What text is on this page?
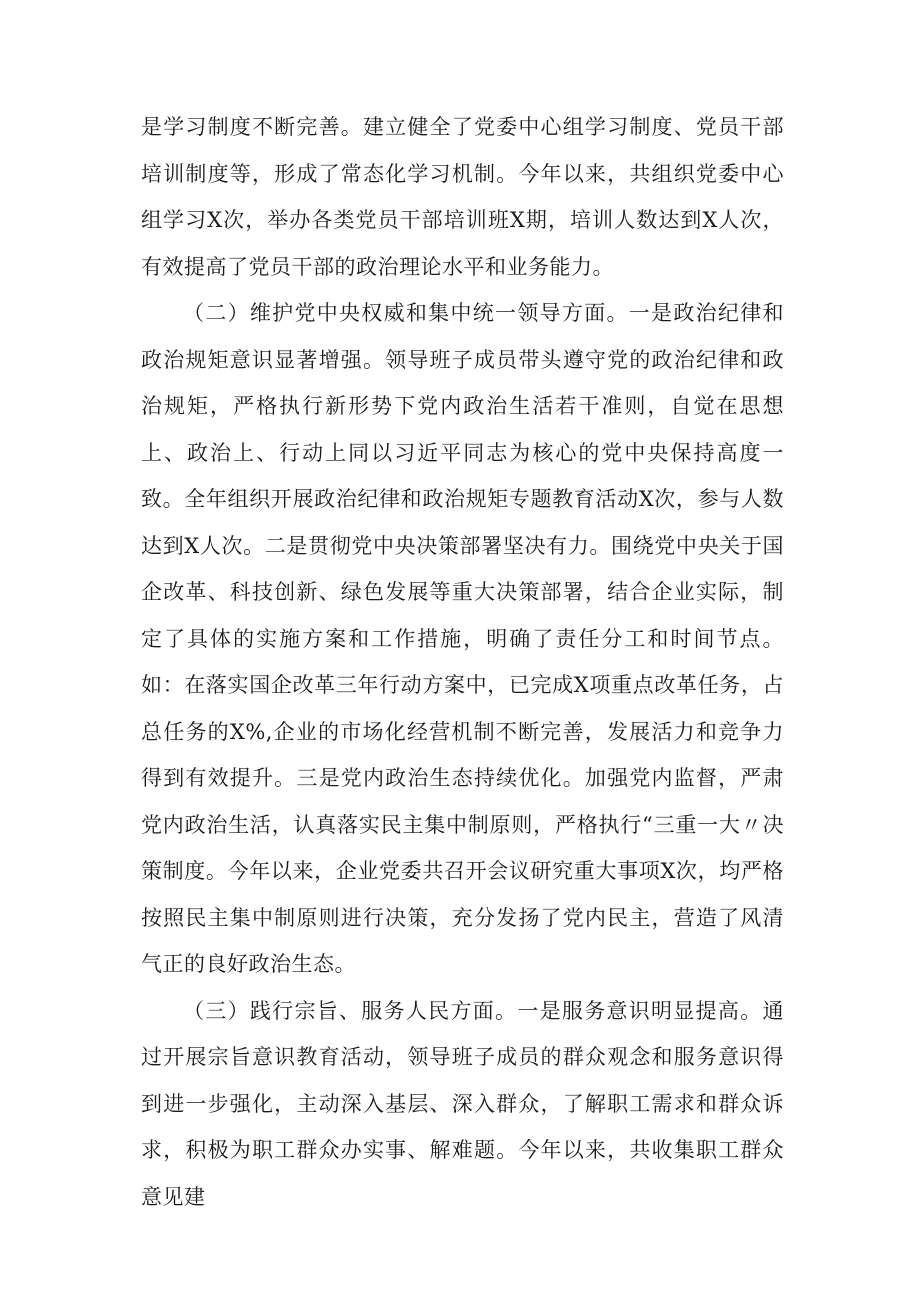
是学习制度不断完善。建立健全了党委中心组学习制度、党员干部培训制度等，形成了常态化学习机制。今年以来，共组织党委中心组学习X次，举办各类党员干部培训班X期，培训人数达到X人次，有效提高了党员干部的政治理论水平和业务能力。

（二）维护党中央权威和集中统一领导方面。一是政治纪律和政治规矩意识显著增强。领导班子成员带头遵守党的政治纪律和政治规矩，严格执行新形势下党内政治生活若干准则，自觉在思想上、政治上、行动上同以习近平同志为核心的党中央保持高度一致。全年组织开展政治纪律和政治规矩专题教育活动X次，参与人数达到X人次。二是贯彻党中央决策部署坚决有力。围绕党中央关于国企改革、科技创新、绿色发展等重大决策部署，结合企业实际，制定了具体的实施方案和工作措施，明确了责任分工和时间节点。如：在落实国企改革三年行动方案中，已完成X项重点改革任务，占总任务的X%,企业的市场化经营机制不断完善，发展活力和竞争力得到有效提升。三是党内政治生态持续优化。加强党内监督，严肃党内政治生活，认真落实民主集中制原则，严格执行“三重一大〃决策制度。今年以来，企业党委共召开会议研究重大事项X次，均严格按照民主集中制原则进行决策，充分发扬了党内民主，营造了风清气正的良好政治生态。

（三）践行宗旨、服务人民方面。一是服务意识明显提高。通过开展宗旨意识教育活动，领导班子成员的群众观念和服务意识得到进一步强化，主动深入基层、深入群众，了解职工需求和群众诉求，积极为职工群众办实事、解难题。今年以来，共收集职工群众意见建
